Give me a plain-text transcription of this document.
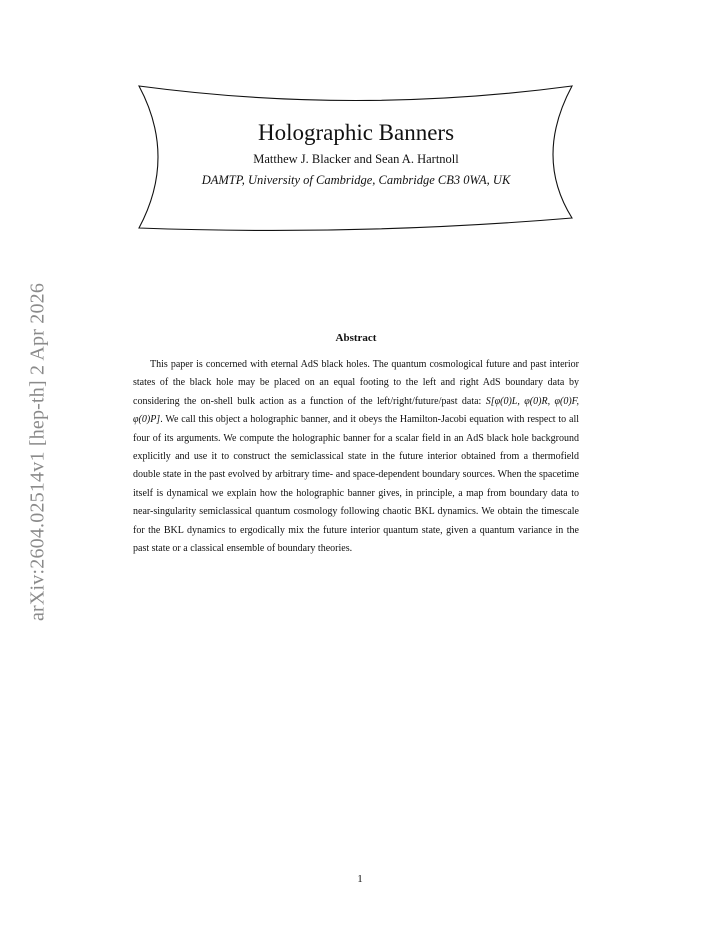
Holographic Banners
Matthew J. Blacker and Sean A. Hartnoll
DAMTP, University of Cambridge, Cambridge CB3 0WA, UK
arXiv:2604.02514v1 [hep-th] 2 Apr 2026	Abstract

This paper is concerned with eternal AdS black holes. The quantum cosmological future and past interior states of the black hole may be placed on an equal footing to the left and right AdS boundary data by considering the on-shell bulk action as a function of the left/right/future/past data: S[φ(0)L, φ(0)R, φ(0)F, φ(0)P]. We call this object a holographic banner, and it obeys the Hamilton-Jacobi equation with respect to all four of its arguments. We compute the holographic banner for a scalar field in an AdS black hole background explicitly and use it to construct the semiclassical state in the future interior obtained from a thermofield double state in the past evolved by arbitrary time- and space-dependent boundary sources. When the spacetime itself is dynamical we explain how the holographic banner gives, in principle, a map from boundary data to near-singularity semiclassical quantum cosmology following chaotic BKL dynamics. We obtain the timescale for the BKL dynamics to ergodically mix the future interior quantum state, given a quantum variance in the past state or a classical ensemble of boundary theories.

1
